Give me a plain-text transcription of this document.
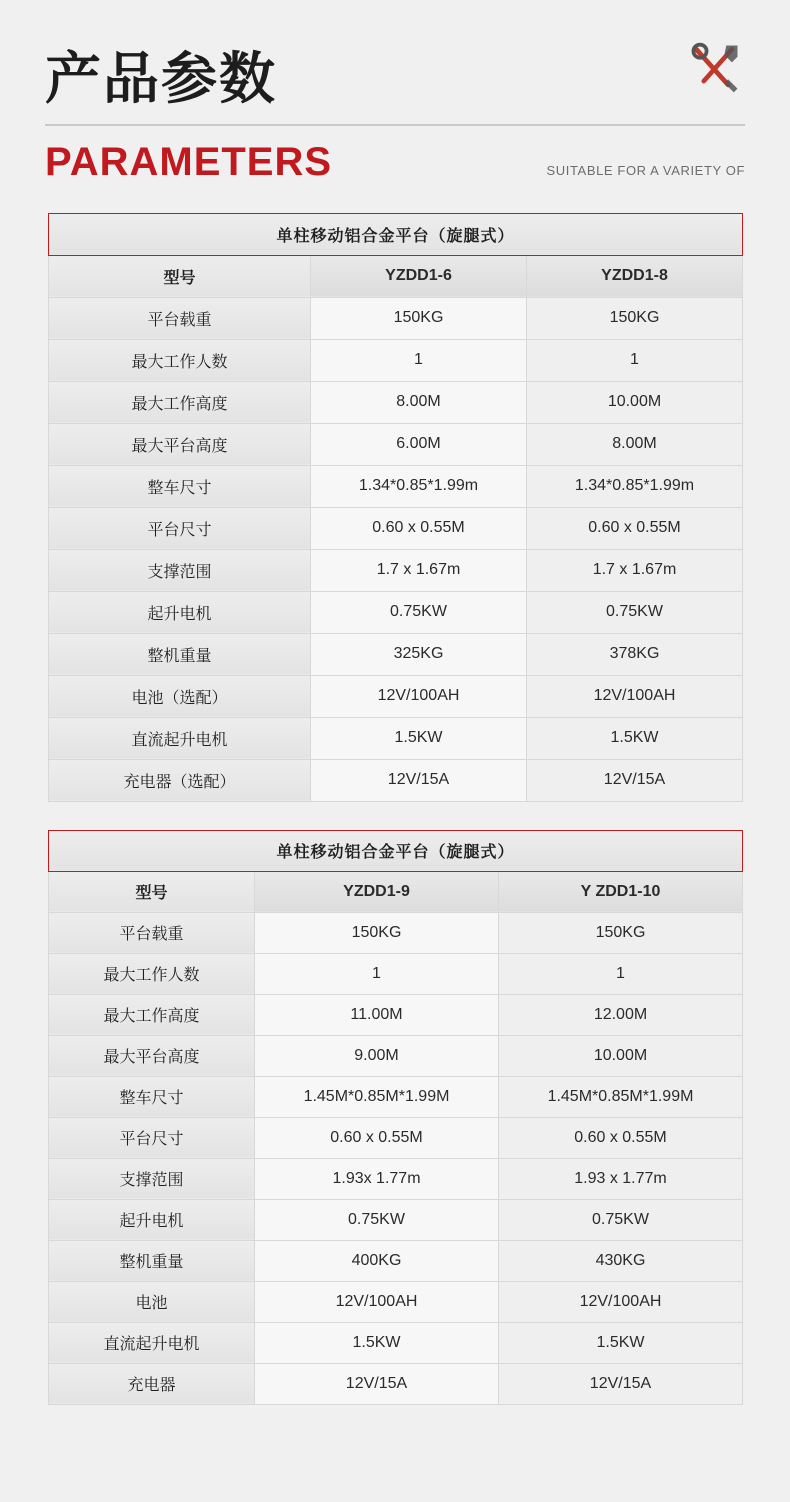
产品参数
PARAMETERS	SUITABLE FOR A VARIETY OF
单柱移动铝合金平台（旋腿式）		
型号	YZDD1-6	YZDD1-8
平台载重	150KG	150KG
最大工作人数	1	1
最大工作高度	8.00M	10.00M
最大平台高度	6.00M	8.00M
整车尺寸	1.34*0.85*1.99m	1.34*0.85*1.99m
平台尺寸	0.60 x 0.55M	0.60 x 0.55M
支撑范围	1.7 x 1.67m	1.7 x 1.67m
起升电机	0.75KW	0.75KW
整机重量	325KG	378KG
电池（选配）	12V/100AH	12V/100AH
直流起升电机	1.5KW	1.5KW
充电器（选配）	12V/15A	12V/15A
单柱移动铝合金平台（旋腿式）		
型号	YZDD1-9	Y ZDD1-10
平台载重	150KG	150KG
最大工作人数	1	1
最大工作高度	11.00M	12.00M
最大平台高度	9.00M	10.00M
整车尺寸	1.45M*0.85M*1.99M	1.45M*0.85M*1.99M
平台尺寸	0.60 x 0.55M	0.60 x 0.55M
支撑范围	1.93x 1.77m	1.93 x 1.77m
起升电机	0.75KW	0.75KW
整机重量	400KG	430KG
电池	12V/100AH	12V/100AH
直流起升电机	1.5KW	1.5KW
充电器	12V/15A	12V/15A
